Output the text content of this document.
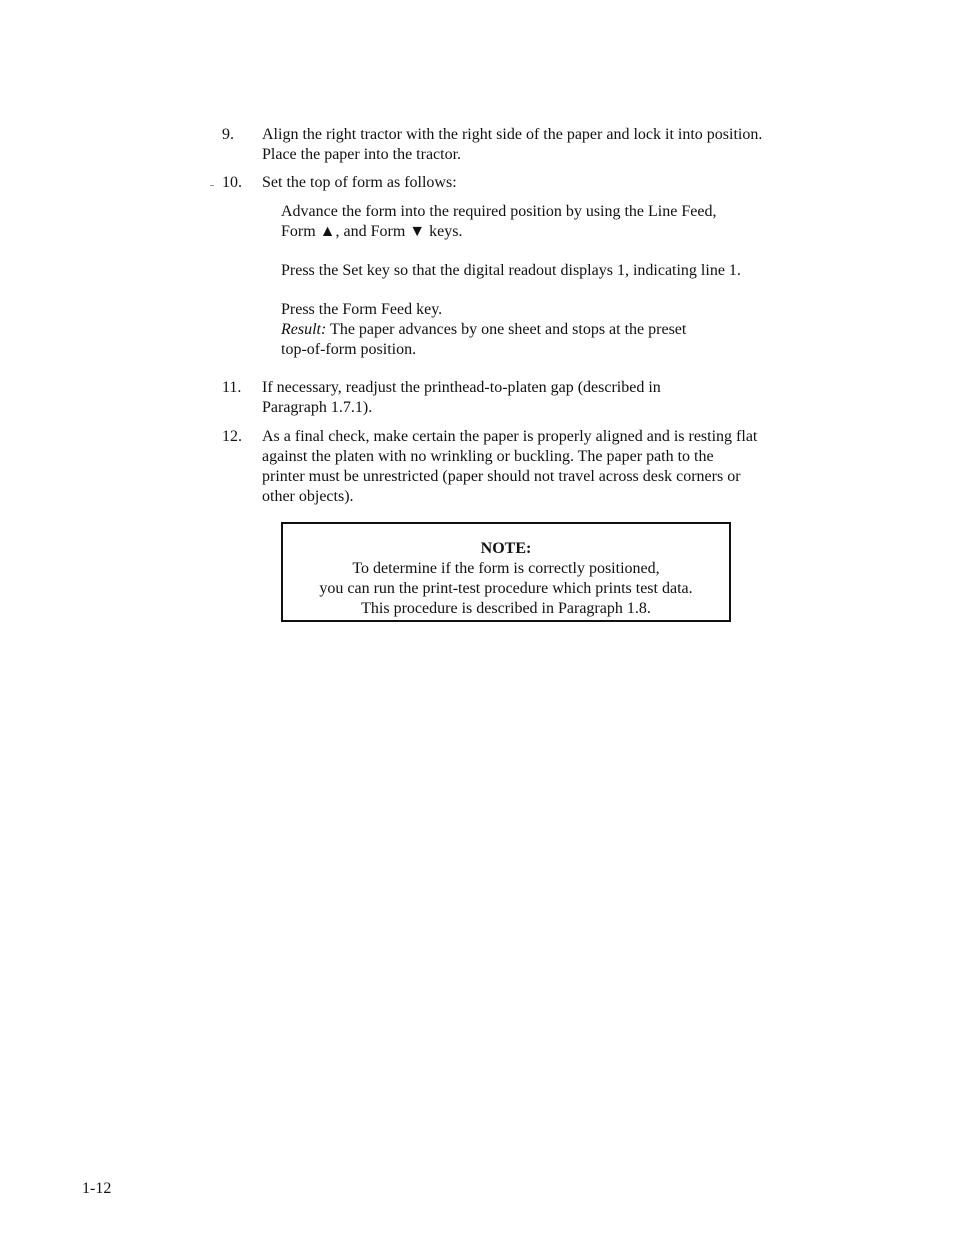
9.	Align the right tractor with the right side of the paper and lock it into position.
Place the paper into the tractor.
10.	Set the top of form as follows:
Advance the form into the required position by using the Line Feed,
Form ▲, and Form ▼ keys.
Press the Set key so that the digital readout displays 1, indicating line 1.
Press the Form Feed key.
Result: The paper advances by one sheet and stops at the preset
top-of-form position.
11.	If necessary, readjust the printhead-to-platen gap (described in
Paragraph 1.7.1).
12.	As a final check, make certain the paper is properly aligned and is resting flat
against the platen with no wrinkling or buckling. The paper path to the
printer must be unrestricted (paper should not travel across desk corners or
other objects).
NOTE:
To determine if the form is correctly positioned,
you can run the print-test procedure which prints test data.
This procedure is described in Paragraph 1.8.
1-12
